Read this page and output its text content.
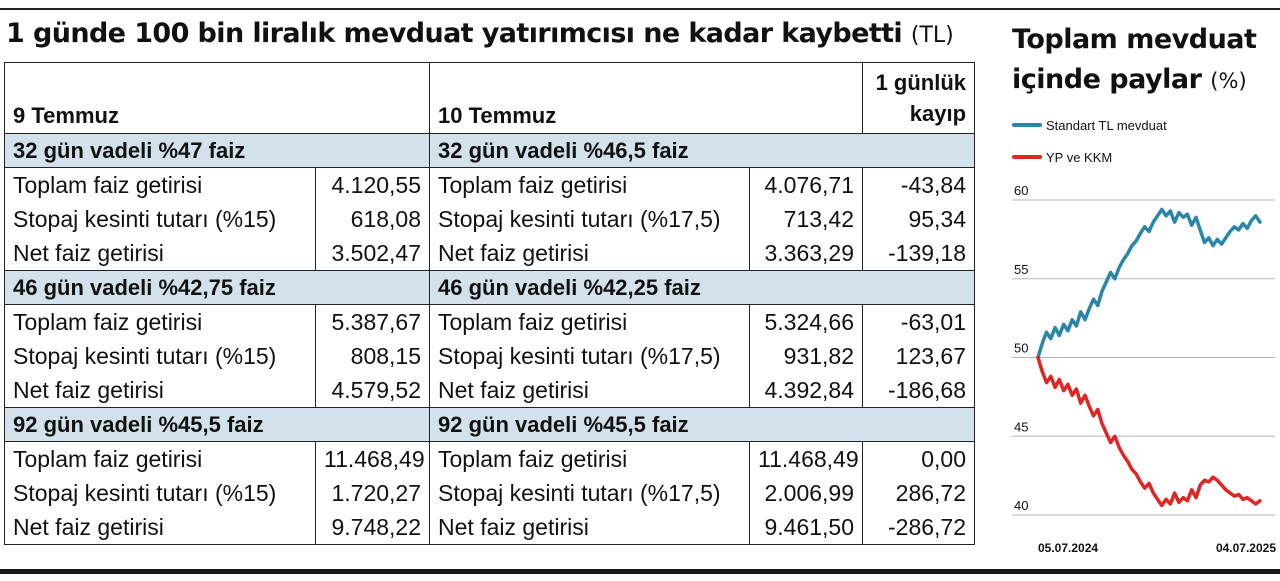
1 günde 100 bin liralık mevduat yatırımcısı ne kadar kaybetti (TL)
9 Temmuz		10 Temmuz		1 günlük
kayıp
32 gün vadeli %47 faiz		32 gün vadeli %46,5 faiz		
Toplam faiz getirisi	4.120,55	Toplam faiz getirisi	4.076,71	-43,84
Stopaj kesinti tutarı (%15)	618,08	Stopaj kesinti tutarı (%17,5)	713,42	95,34
Net faiz getirisi	3.502,47	Net faiz getirisi	3.363,29	-139,18
46 gün vadeli %42,75 faiz		46 gün vadeli %42,25 faiz		
Toplam faiz getirisi	5.387,67	Toplam faiz getirisi	5.324,66	-63,01
Stopaj kesinti tutarı (%15)	808,15	Stopaj kesinti tutarı (%17,5)	931,82	123,67
Net faiz getirisi	4.579,52	Net faiz getirisi	4.392,84	-186,68
92 gün vadeli %45,5 faiz		92 gün vadeli %45,5 faiz		
Toplam faiz getirisi	11.468,49	Toplam faiz getirisi	11.468,49	0,00
Stopaj kesinti tutarı (%15)	1.720,27	Stopaj kesinti tutarı (%17,5)	2.006,99	286,72
Net faiz getirisi	9.748,22	Net faiz getirisi	9.461,50	-286,72
Toplam mevduat
içinde paylar (%)
Standart TL mevduat
YP ve KKM
40
45
50
55
60
05.07.2024	04.07.2025
